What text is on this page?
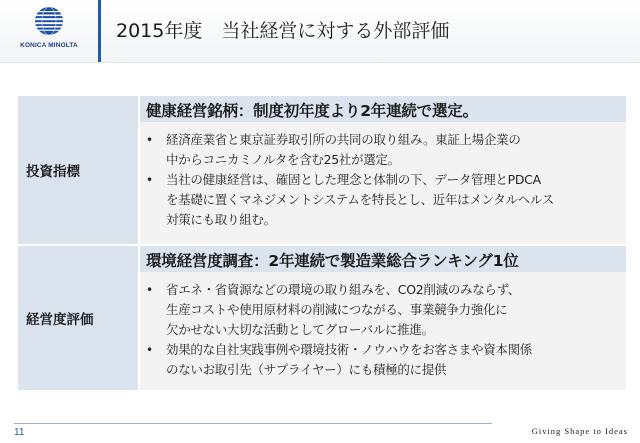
KONICA MINOLTA
2015年度　当社経営に対する外部評価
投資指標
健康経営銘柄：制度初年度より2年連続で選定。
• 経済産業省と東京証券取引所の共同の取り組み。東証上場企業の
中からコニカミノルタを含む25社が選定。
• 当社の健康経営は、確固とした理念と体制の下、データ管理とPDCA
を基礎に置くマネジメントシステムを特長とし、近年はメンタルヘルス
対策にも取り組む。
経営度評価
環境経営度調査：2年連続で製造業総合ランキング1位
• 省エネ・省資源などの環境の取り組みを、CO2削減のみならず、
生産コストや使用原材料の削減につながる、事業競争力強化に
欠かせない大切な活動としてグローバルに推進。
• 効果的な自社実践事例や環境技術・ノウハウをお客さまや資本関係
のないお取引先（サプライヤー）にも積極的に提供
11	Giving Shape to Ideas
